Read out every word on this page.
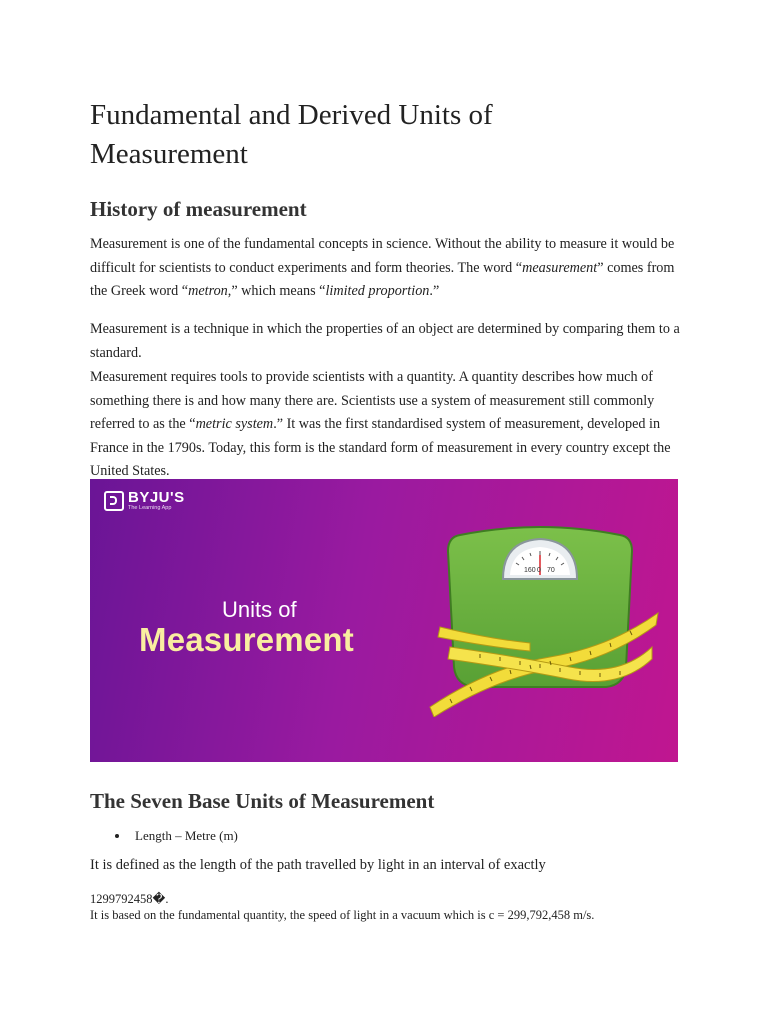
Fundamental and Derived Units of Measurement
History of measurement

Measurement is one of the fundamental concepts in science. Without the ability to measure it would be difficult for scientists to conduct experiments and form theories. The word “measurement” comes from the Greek word “metron,” which means “limited proportion.”

Measurement is a technique in which the properties of an object are determined by comparing them to a standard.

Measurement requires tools to provide scientists with a quantity. A quantity describes how much of something there is and how many there are. Scientists use a system of measurement still commonly referred to as the “metric system.” It was the first standardised system of measurement, developed in France in the 1790s. Today, this form is the standard form of measurement in every country except the United States.

BYJU'S
The Learning App
Units of
Measurement
160 0 70
The Seven Base Units of Measurement
Length – Metre (m)

It is defined as the length of the path travelled by light in an interval of exactly

1299792458�.

It is based on the fundamental quantity, the speed of light in a vacuum which is c = 299,792,458 m/s.
